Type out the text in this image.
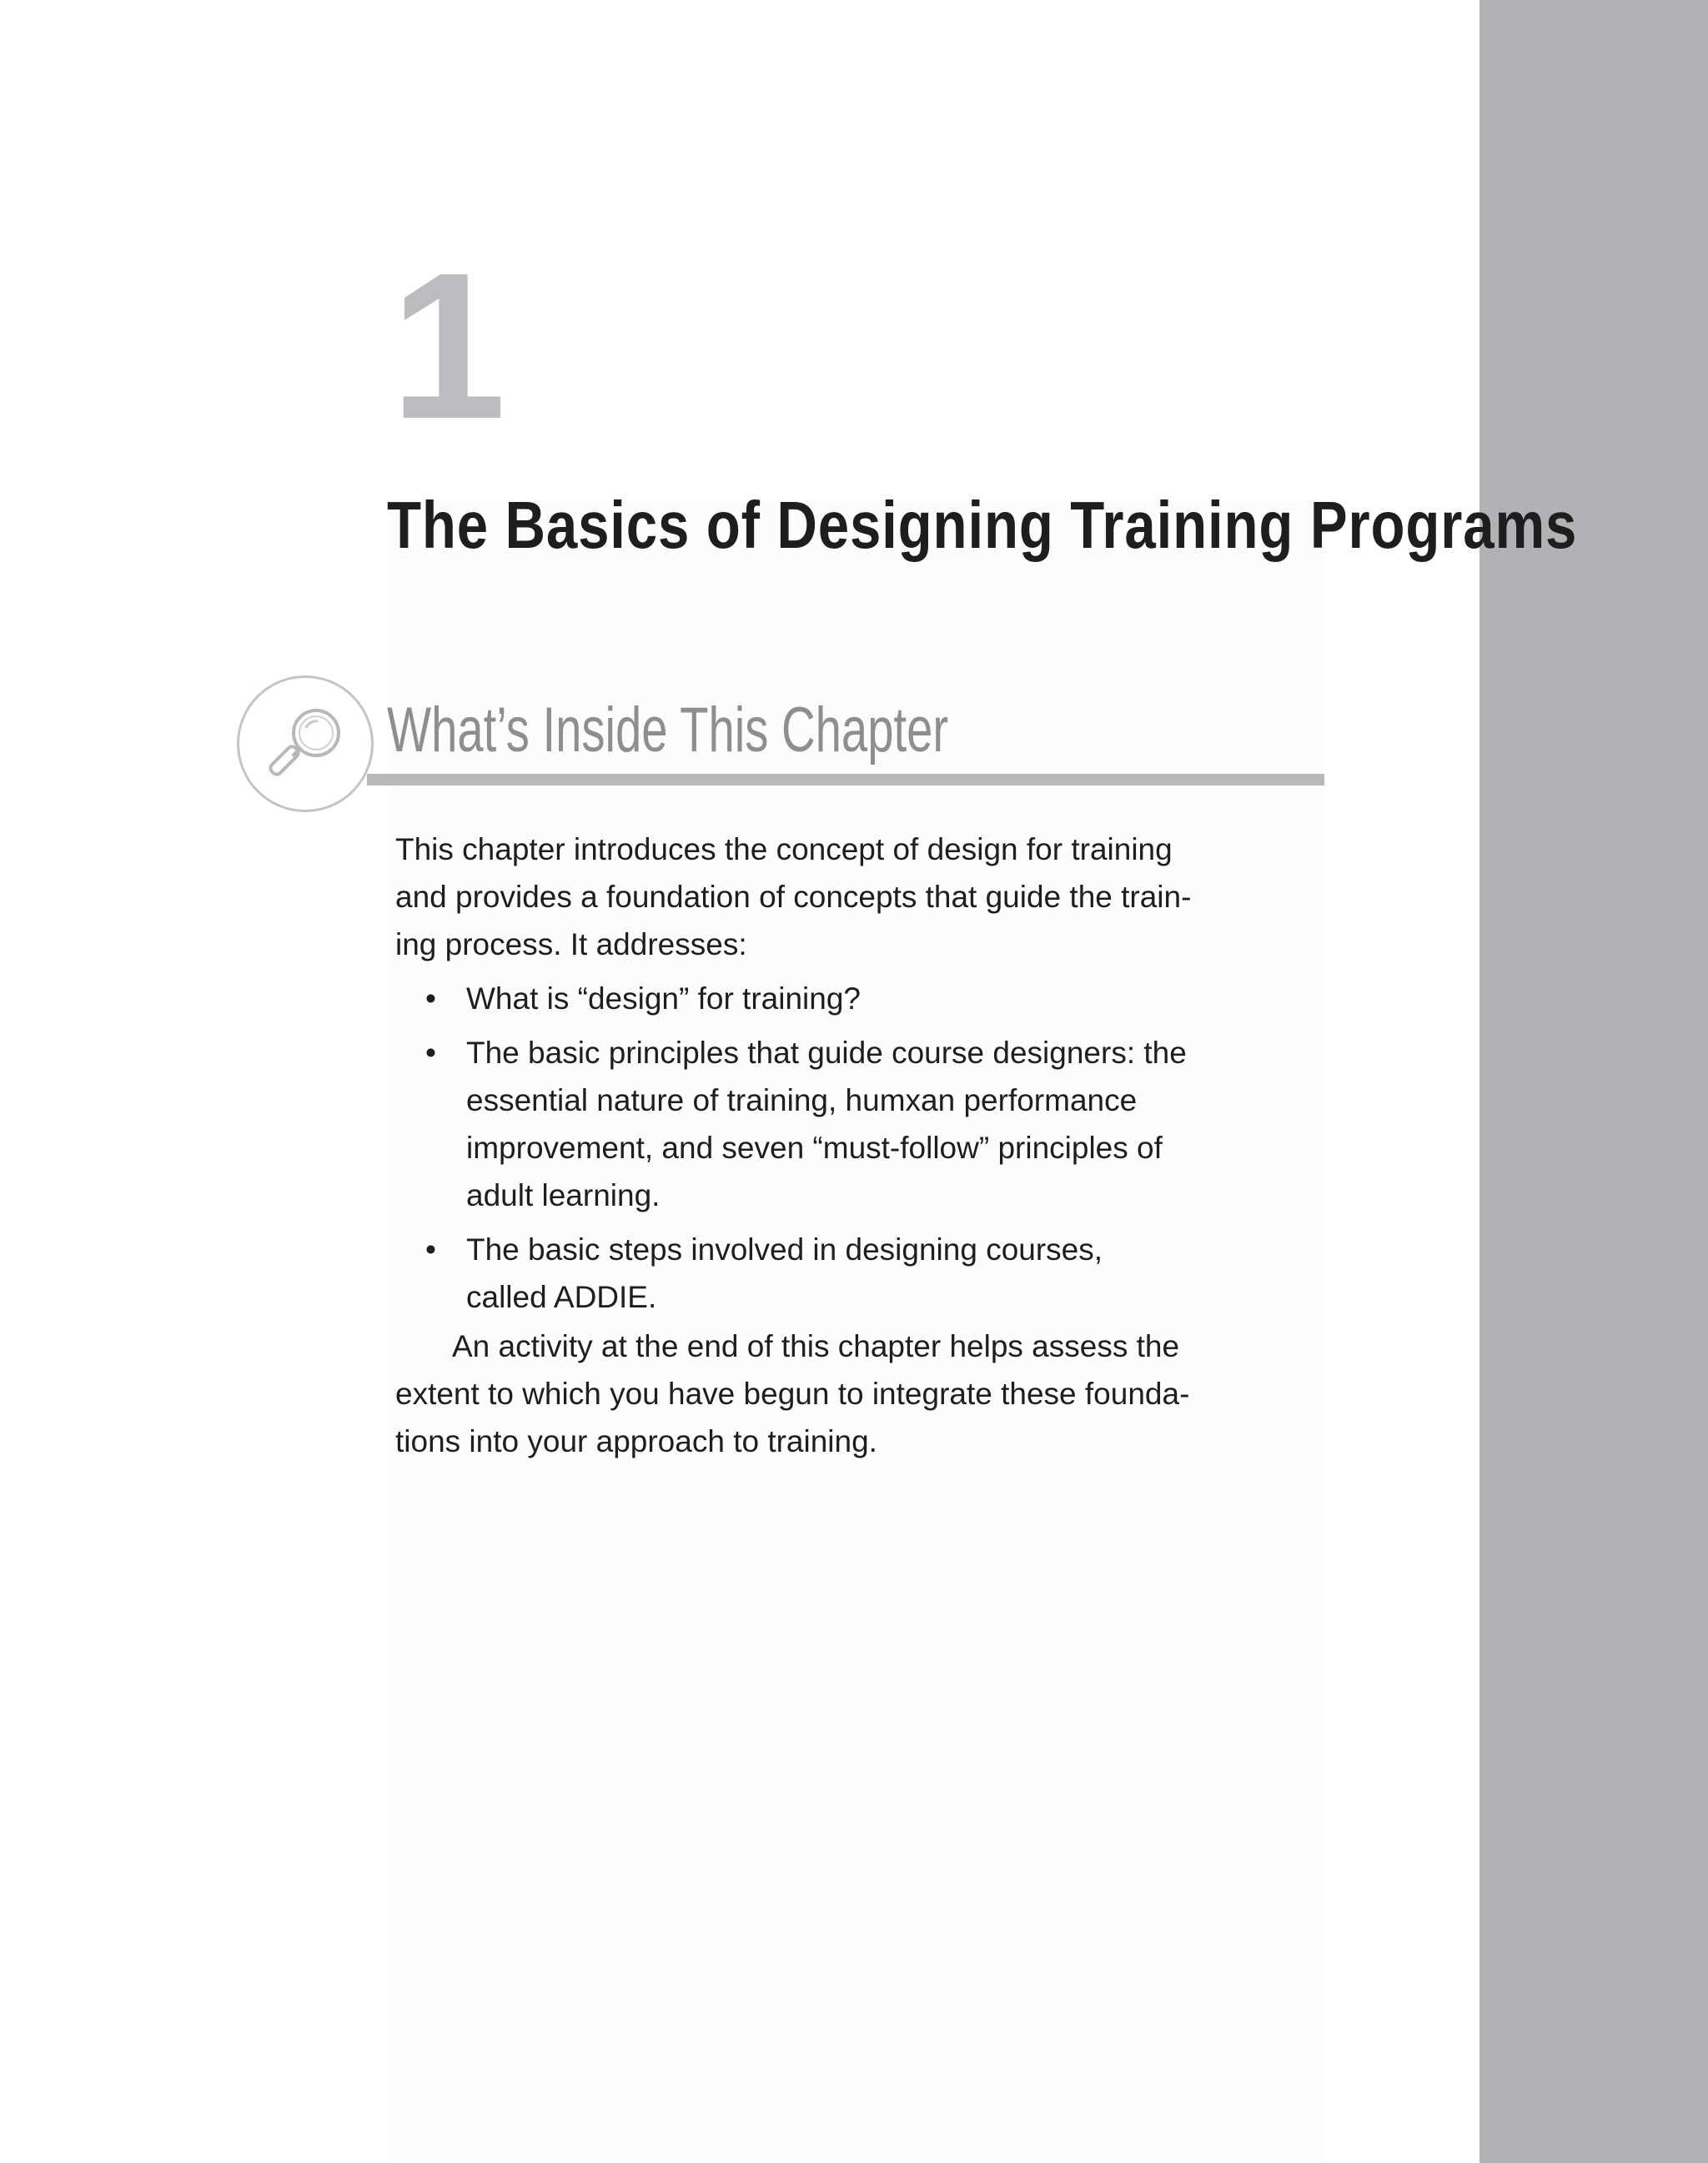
1
The Basics of Designing Training Programs
What’s Inside This Chapter

This chapter introduces the concept of design for training
and provides a foundation of concepts that guide the train-
ing process. It addresses:

• What is “design” for training?
• The basic principles that guide course designers: the
essential nature of training, humxan performance
improvement, and seven “must-follow” principles of
adult learning.
• The basic steps involved in designing courses,
called ADDIE.

An activity at the end of this chapter helps assess the
extent to which you have begun to integrate these founda-
tions into your approach to training.
